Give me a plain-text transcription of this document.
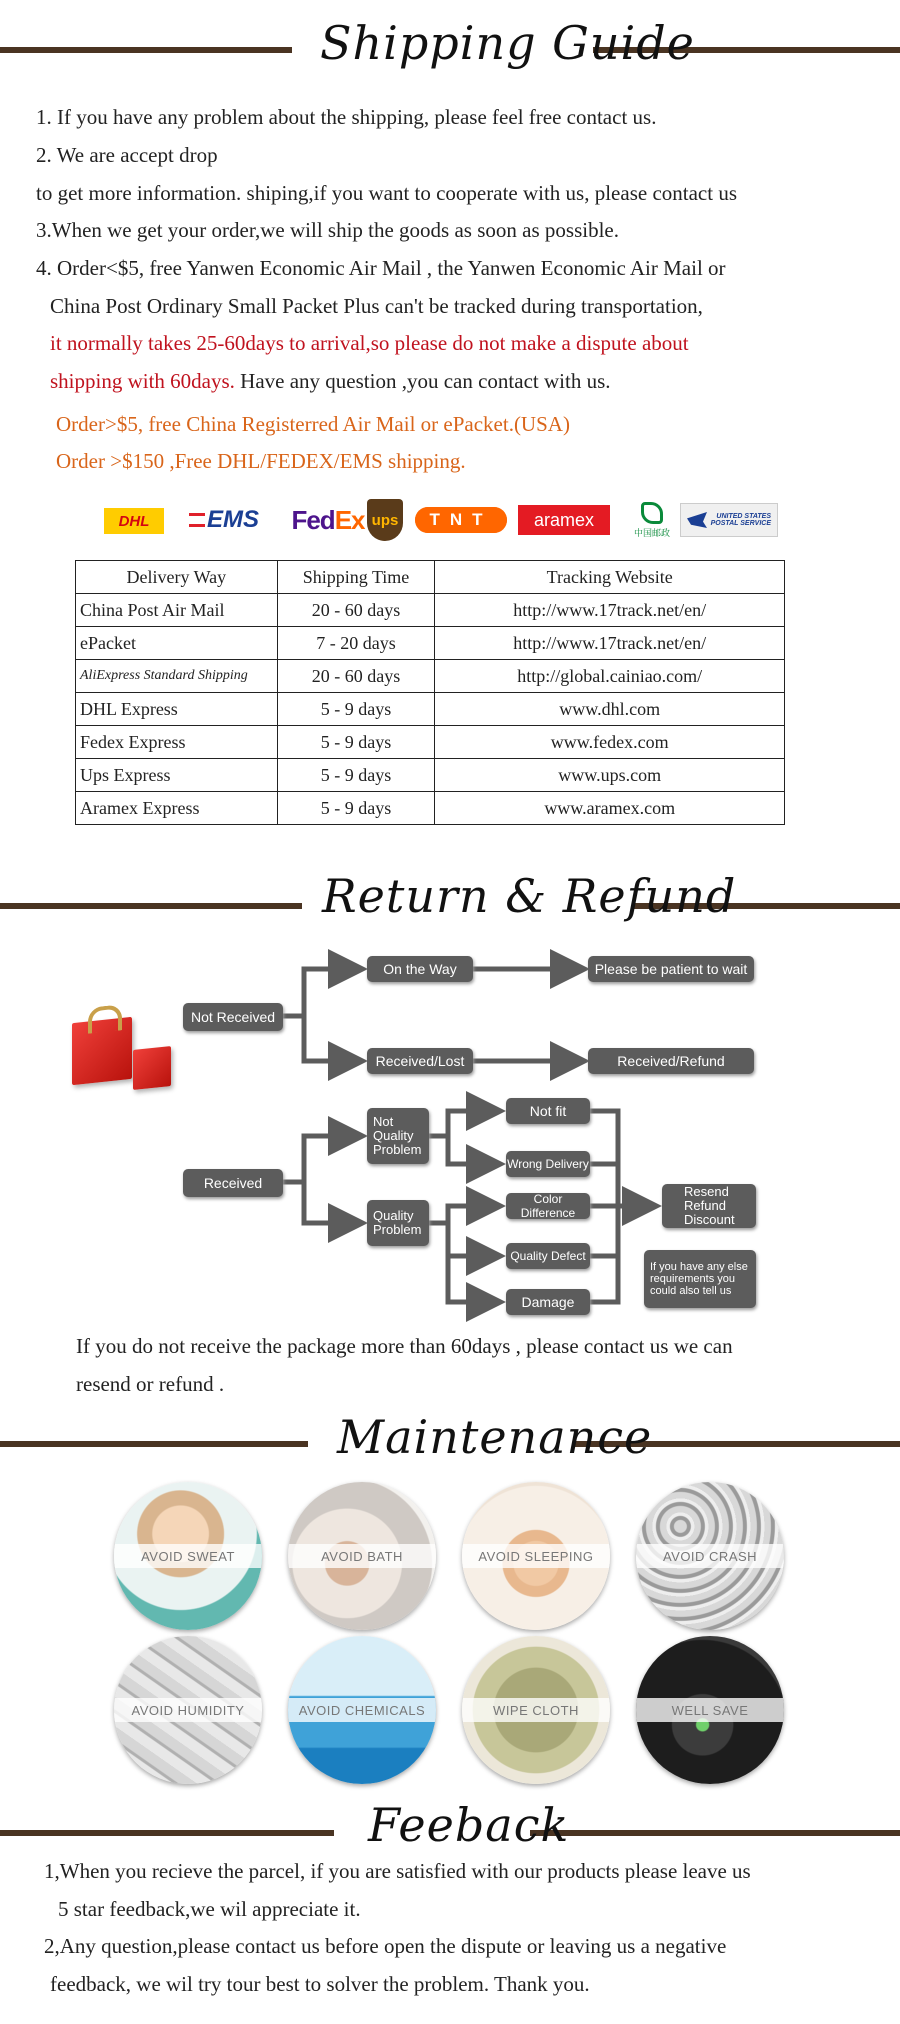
Shipping Guide
1. If you have any problem about the shipping, please feel free contact us.
2. We are accept drop
to get more information. shiping,if you want to cooperate with us, please contact us
3.When we get your order,we will ship the goods as soon as possible.
4. Order<$5, free Yanwen Economic Air Mail , the Yanwen Economic Air Mail or
China Post Ordinary Small Packet Plus can't be tracked during transportation,
it normally takes 25-60days to arrival,so please do not make a dispute about
shipping with 60days. Have any question ,you can contact with us.
Order>$5, free China Registerred Air Mail or ePacket.(USA)
Order >$150 ,Free DHL/FEDEX/EMS shipping.
DHL EMS Fed Ex ups	TNT	aramex
中国邮政
UNITED STATES
POSTAL SERVICE
Delivery Way	Shipping Time	Tracking Website
China Post Air Mail	20 - 60 days	http://www.17track.net/en/
ePacket	7 - 20 days	http://www.17track.net/en/
AliExpress Standard Shipping	20 - 60 days	http://global.cainiao.com/
DHL Express	5 - 9 days	www.dhl.com
Fedex Express	5 - 9 days	www.fedex.com
Ups Express	5 - 9 days	www.ups.com
Aramex Express	5 - 9 days	www.aramex.com
Return & Refund
Not Received
On the Way	Please be patient to wait
Received/Lost	Received/Refund
Received
Not Quality Problem
Quality Problem
Not fit
Wrong Delivery
Color Difference
Quality Defect
Damage
Resend Refund Discount
If you have any else requirements you could also tell us
If you do not receive the package more than 60days , please contact us we can
resend or refund .
Maintenance
AVOID SWEAT	AVOID BATH	AVOID SLEEPING	AVOID CRASH
AVOID HUMIDITY	AVOID CHEMICALS	WIPE CLOTH	WELL SAVE
Feeback
1,When you recieve the parcel, if you are satisfied with our products please leave us
5 star feedback,we wil appreciate it.
2,Any question,please contact us before open the dispute or leaving us a negative
feedback, we wil try tour best to solver the problem. Thank you.
